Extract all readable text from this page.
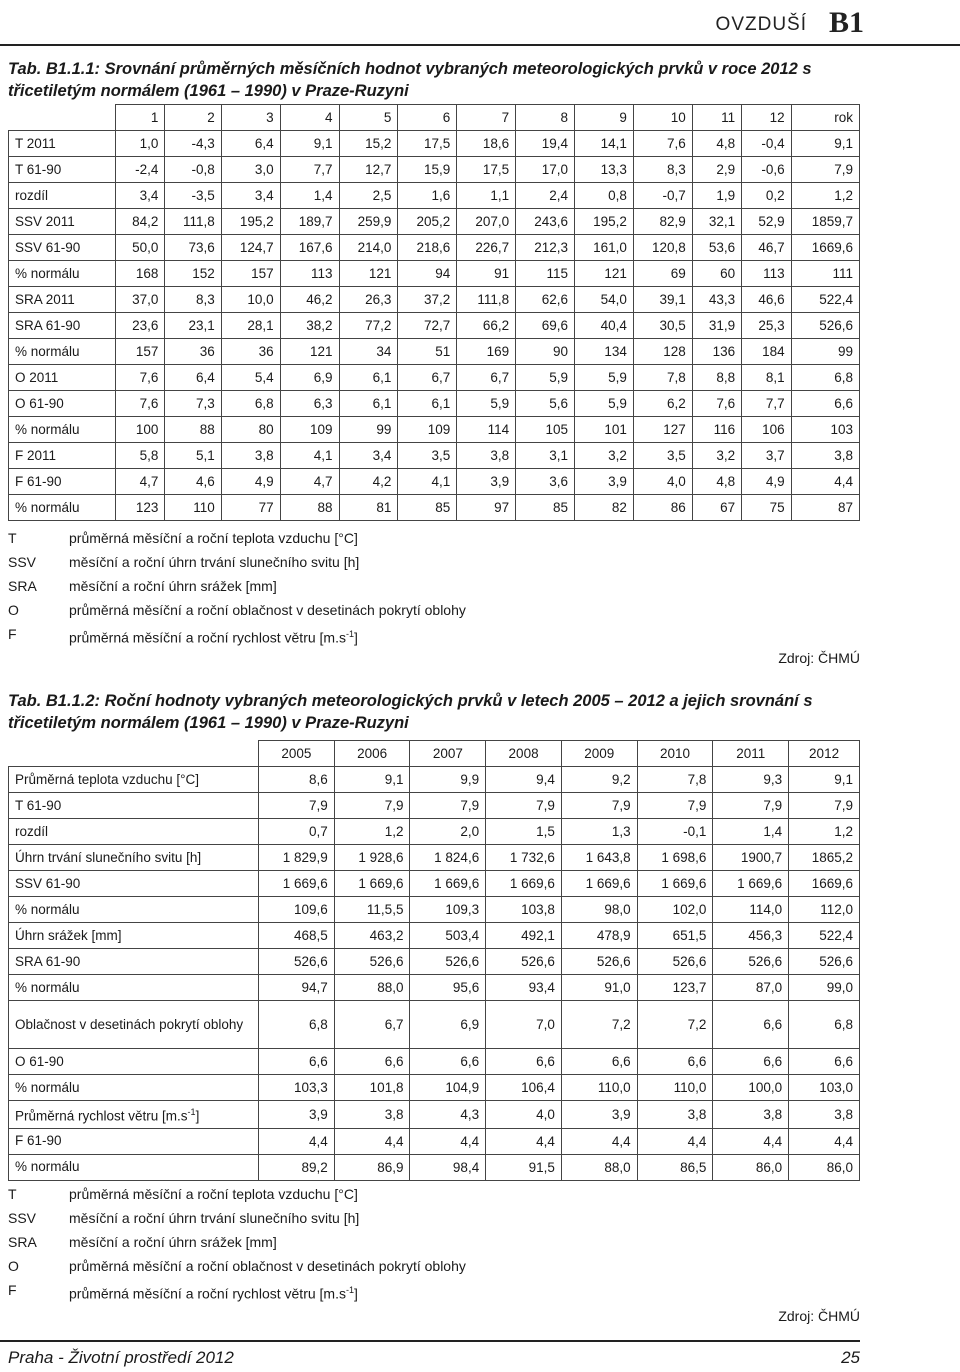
OVZDUŠÍ B1
Tab. B1.1.1: Srovnání průměrných měsíčních hodnot vybraných meteorologických prvků v roce 2012 s třicetiletým normálem (1961 – 1990) v Praze-Ruzyni
	1	2	3	4	5	6	7	8	9	10	11	12	rok
T 2011	1,0	-4,3	6,4	9,1	15,2	17,5	18,6	19,4	14,1	7,6	4,8	-0,4	9,1
T 61-90	-2,4	-0,8	3,0	7,7	12,7	15,9	17,5	17,0	13,3	8,3	2,9	-0,6	7,9
rozdíl	3,4	-3,5	3,4	1,4	2,5	1,6	1,1	2,4	0,8	-0,7	1,9	0,2	1,2
SSV 2011	84,2	111,8	195,2	189,7	259,9	205,2	207,0	243,6	195,2	82,9	32,1	52,9	1859,7
SSV 61-90	50,0	73,6	124,7	167,6	214,0	218,6	226,7	212,3	161,0	120,8	53,6	46,7	1669,6
% normálu	168	152	157	113	121	94	91	115	121	69	60	113	111
SRA 2011	37,0	8,3	10,0	46,2	26,3	37,2	111,8	62,6	54,0	39,1	43,3	46,6	522,4
SRA 61-90	23,6	23,1	28,1	38,2	77,2	72,7	66,2	69,6	40,4	30,5	31,9	25,3	526,6
% normálu	157	36	36	121	34	51	169	90	134	128	136	184	99
O 2011	7,6	6,4	5,4	6,9	6,1	6,7	6,7	5,9	5,9	7,8	8,8	8,1	6,8
O 61-90	7,6	7,3	6,8	6,3	6,1	6,1	5,9	5,6	5,9	6,2	7,6	7,7	6,6
% normálu	100	88	80	109	99	109	114	105	101	127	116	106	103
F 2011	5,8	5,1	3,8	4,1	3,4	3,5	3,8	3,1	3,2	3,5	3,2	3,7	3,8
F 61-90	4,7	4,6	4,9	4,7	4,2	4,1	3,9	3,6	3,9	4,0	4,8	4,9	4,4
% normálu	123	110	77	88	81	85	97	85	82	86	67	75	87
T	průměrná měsíční a roční teplota vzduchu [°C]
SSV	měsíční a roční úhrn trvání slunečního svitu [h]
SRA	měsíční a roční úhrn srážek [mm]
O	průměrná měsíční a roční oblačnost v desetinách pokrytí oblohy
F	průměrná měsíční a roční rychlost větru $[m.s^{-1}]$
Zdroj: ČHMÚ
Tab. B1.1.2: Roční hodnoty vybraných meteorologických prvků v letech 2005 – 2012 a jejich srovnání s třicetiletým normálem (1961 – 1990) v Praze-Ruzyni
	2005	2006	2007	2008	2009	2010	2011	2012
Průměrná teplota vzduchu [°C]	8,6	9,1	9,9	9,4	9,2	7,8	9,3	9,1
T 61-90	7,9	7,9	7,9	7,9	7,9	7,9	7,9	7,9
rozdíl	0,7	1,2	2,0	1,5	1,3	-0,1	1,4	1,2
Úhrn trvání slunečního svitu [h]	1 829,9	1 928,6	1 824,6	1 732,6	1 643,8	1 698,6	1900,7	1865,2
SSV 61-90	1 669,6	1 669,6	1 669,6	1 669,6	1 669,6	1 669,6	1 669,6	1669,6
% normálu	109,6	11,5,5	109,3	103,8	98,0	102,0	114,0	112,0
Úhrn srážek [mm]	468,5	463,2	503,4	492,1	478,9	651,5	456,3	522,4
SRA 61-90	526,6	526,6	526,6	526,6	526,6	526,6	526,6	526,6
% normálu	94,7	88,0	95,6	93,4	91,0	123,7	87,0	99,0
Oblačnost v desetinách pokrytí oblohy	6,8	6,7	6,9	7,0	7,2	7,2	6,6	6,8
O 61-90	6,6	6,6	6,6	6,6	6,6	6,6	6,6	6,6
% normálu	103,3	101,8	104,9	106,4	110,0	110,0	100,0	103,0
Průměrná rychlost větru $[m.s^{-1}]$	3,9	3,8	4,3	4,0	3,9	3,8	3,8	3,8
F 61-90	4,4	4,4	4,4	4,4	4,4	4,4	4,4	4,4
% normálu	89,2	86,9	98,4	91,5	88,0	86,5	86,0	86,0
T	průměrná měsíční a roční teplota vzduchu [°C]
SSV	měsíční a roční úhrn trvání slunečního svitu [h]
SRA	měsíční a roční úhrn srážek [mm]
O	průměrná měsíční a roční oblačnost v desetinách pokrytí oblohy
F	průměrná měsíční a roční rychlost větru $[m.s^{-1}]$
Zdroj: ČHMÚ
Praha - Životní prostředí 2012	25
